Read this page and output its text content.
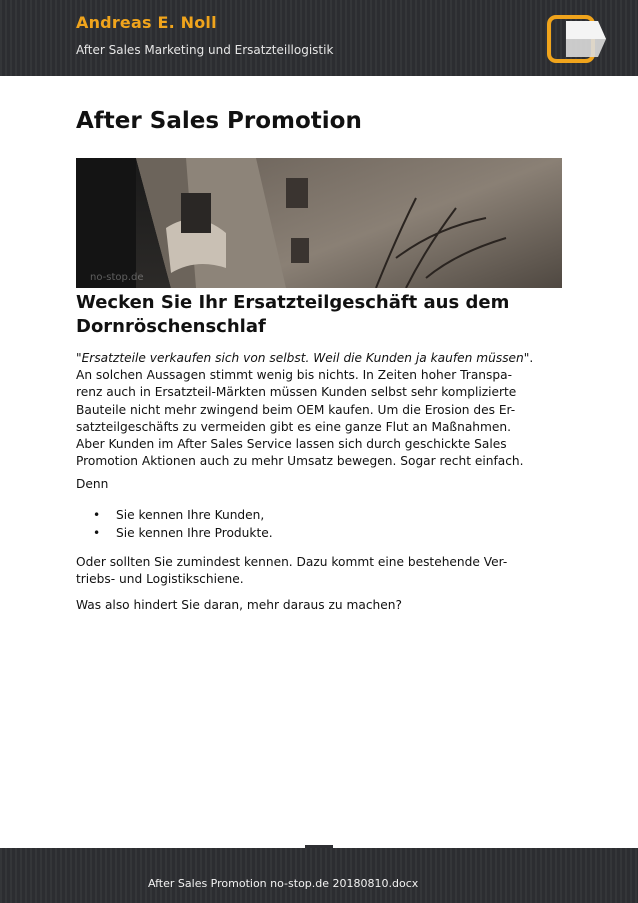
Andreas E. Noll
After Sales Marketing und Ersatzteillogistik
After Sales Promotion
no-stop.de
Wecken Sie Ihr Ersatzteilgeschäft aus dem Dornröschenschlaf
"Ersatzteile verkaufen sich von selbst. Weil die Kunden ja kaufen müssen".
An solchen Aussagen stimmt wenig bis nichts. In Zeiten hoher Transpa-
renz auch in Ersatzteil-Märkten müssen Kunden selbst sehr komplizierte
Bauteile nicht mehr zwingend beim OEM kaufen. Um die Erosion des Er-
satzteilgeschäfts zu vermeiden gibt es eine ganze Flut an Maßnahmen.
Aber Kunden im After Sales Service lassen sich durch geschickte Sales
Promotion Aktionen auch zu mehr Umsatz bewegen. Sogar recht einfach.
Denn
• Sie kennen Ihre Kunden,
• Sie kennen Ihre Produkte.
Oder sollten Sie zumindest kennen. Dazu kommt eine bestehende Ver-
triebs- und Logistikschiene.
Was also hindert Sie daran, mehr daraus zu machen?
After Sales Promotion no-stop.de 20180810.docx
